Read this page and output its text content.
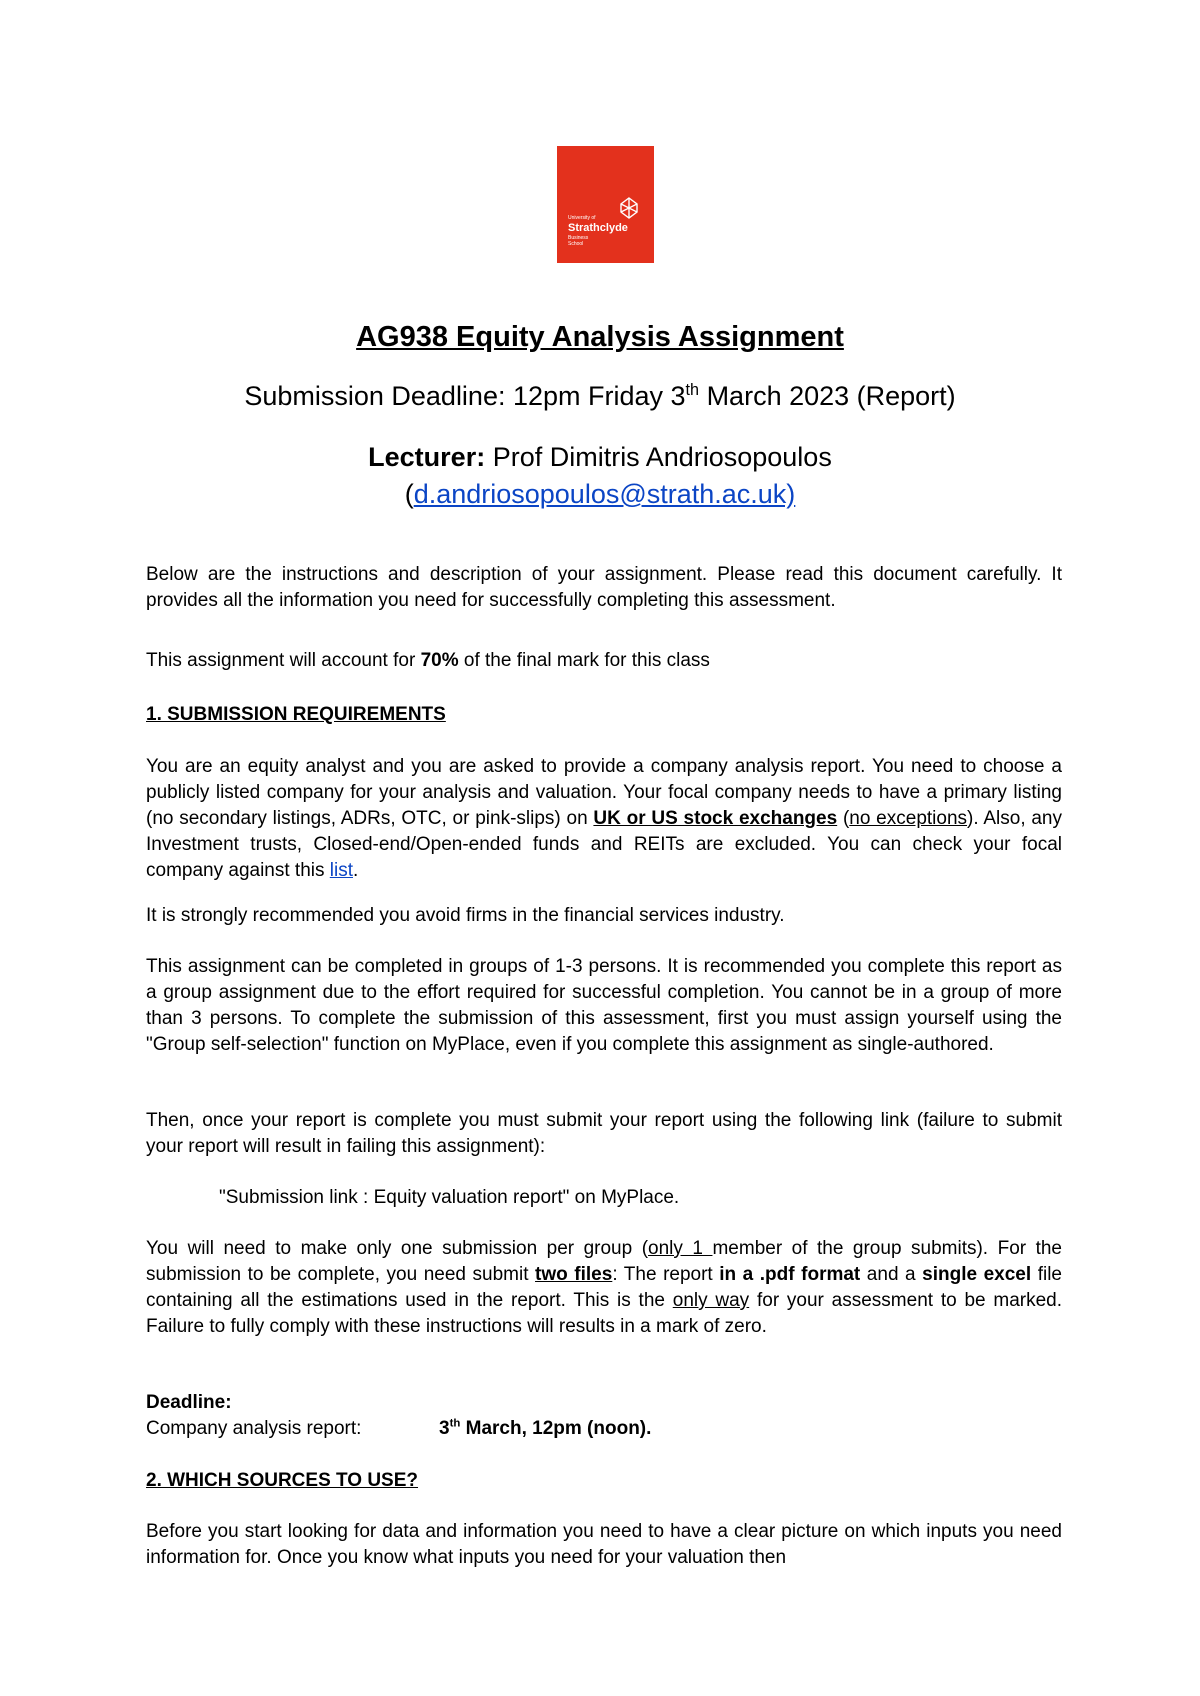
University of
Strathclyde
Business
School
AG938 Equity Analysis Assignment
Submission Deadline: 12pm Friday 3th March 2023 (Report)
Lecturer: Prof Dimitris Andriosopoulos
(d.andriosopoulos@strath.ac.uk)
Below are the instructions and description of your assignment. Please read this document carefully. It provides all the information you need for successfully completing this assessment.
This assignment will account for 70% of the final mark for this class
1. SUBMISSION REQUIREMENTS
You are an equity analyst and you are asked to provide a company analysis report. You need to choose a publicly listed company for your analysis and valuation. Your focal company needs to have a primary listing (no secondary listings, ADRs, OTC, or pink-slips) on UK or US stock exchanges (no exceptions). Also, any Investment trusts, Closed-end/Open-ended funds and REITs are excluded. You can check your focal company against this list.
It is strongly recommended you avoid firms in the financial services industry.
This assignment can be completed in groups of 1-3 persons. It is recommended you complete this report as a group assignment due to the effort required for successful completion. You cannot be in a group of more than 3 persons. To complete the submission of this assessment, first you must assign yourself using the "Group self-selection" function on MyPlace, even if you complete this assignment as single-authored.
Then, once your report is complete you must submit your report using the following link (failure to submit your report will result in failing this assignment):
"Submission link : Equity valuation report" on MyPlace.
You will need to make only one submission per group (only 1 member of the group submits). For the submission to be complete, you need submit two files: The report in a .pdf format and a single excel file containing all the estimations used in the report. This is the only way for your assessment to be marked. Failure to fully comply with these instructions will results in a mark of zero.
Deadline:
Company analysis report:	3th March, 12pm (noon).
2. WHICH SOURCES TO USE?
Before you start looking for data and information you need to have a clear picture on which inputs you need information for. Once you know what inputs you need for your valuation then
